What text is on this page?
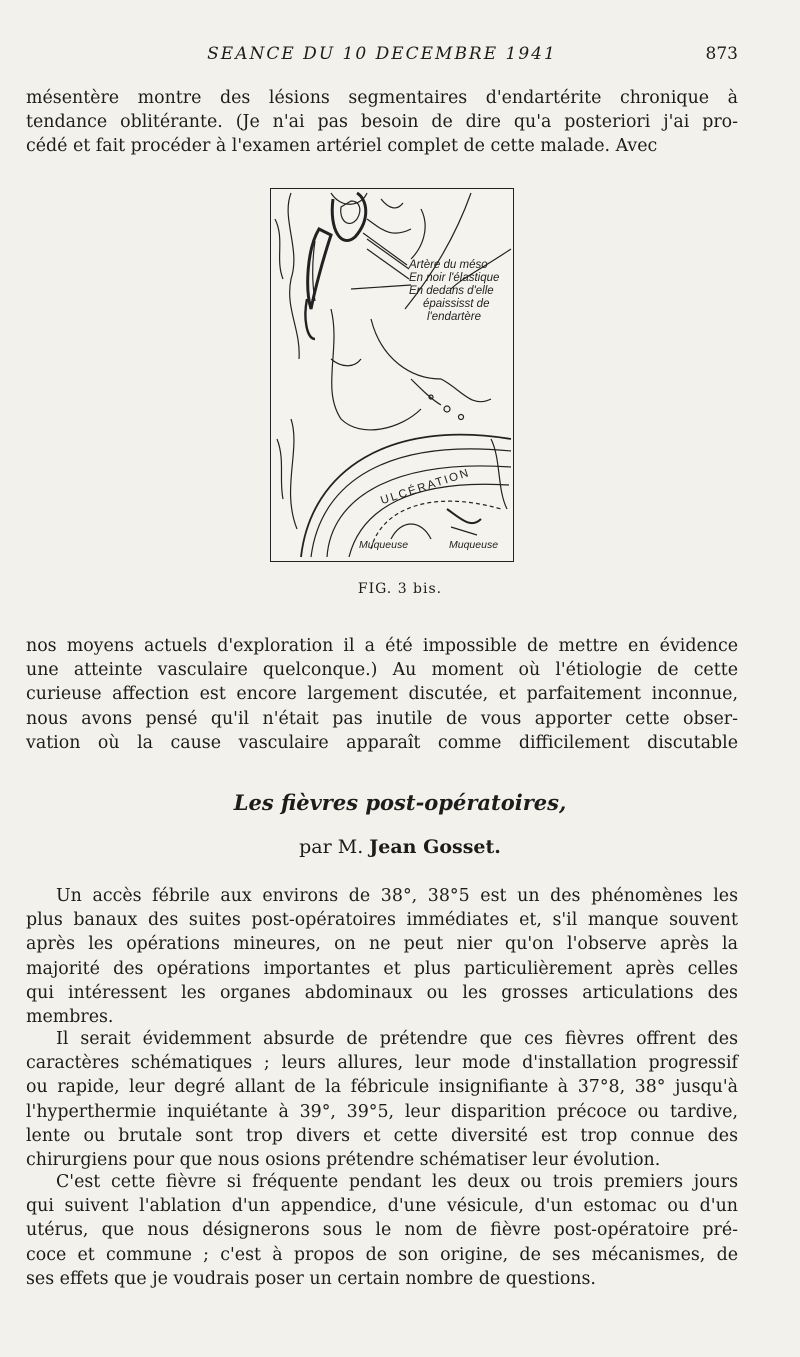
SEANCE DU 10 DECEMBRE 1941	873

mésentère montre des lésions segmentaires d'endartérite chronique à
tendance oblitérante. (Je n'ai pas besoin de dire qu'a posteriori j'ai pro-
cédé et fait procéder à l'examen artériel complet de cette malade. Avec

Artère du méso
En noir l'élastique
En dedans d'elle
épaississt de
l'endartère
ULCÉRATION
Muqueuse	Muqueuse
FIG. 3 bis.

nos moyens actuels d'exploration il a été impossible de mettre en évidence
une atteinte vasculaire quelconque.) Au moment où l'étiologie de cette
curieuse affection est encore largement discutée, et parfaitement inconnue,
nous avons pensé qu'il n'était pas inutile de vous apporter cette obser-
vation où la cause vasculaire apparaît comme difficilement discutable

Les fièvres post-opératoires,
par M. Jean Gosset.

Un accès fébrile aux environs de 38°, 38°5 est un des phénomènes les
plus banaux des suites post-opératoires immédiates et, s'il manque souvent
après les opérations mineures, on ne peut nier qu'on l'observe après la
majorité des opérations importantes et plus particulièrement après celles
qui intéressent les organes abdominaux ou les grosses articulations des
membres.

Il serait évidemment absurde de prétendre que ces fièvres offrent des
caractères schématiques ; leurs allures, leur mode d'installation progressif
ou rapide, leur degré allant de la fébricule insignifiante à 37°8, 38° jusqu'à
l'hyperthermie inquiétante à 39°, 39°5, leur disparition précoce ou tardive,
lente ou brutale sont trop divers et cette diversité est trop connue des
chirurgiens pour que nous osions prétendre schématiser leur évolution.

C'est cette fièvre si fréquente pendant les deux ou trois premiers jours
qui suivent l'ablation d'un appendice, d'une vésicule, d'un estomac ou d'un
utérus, que nous désignerons sous le nom de fièvre post-opératoire pré-
coce et commune ; c'est à propos de son origine, de ses mécanismes, de
ses effets que je voudrais poser un certain nombre de questions.
